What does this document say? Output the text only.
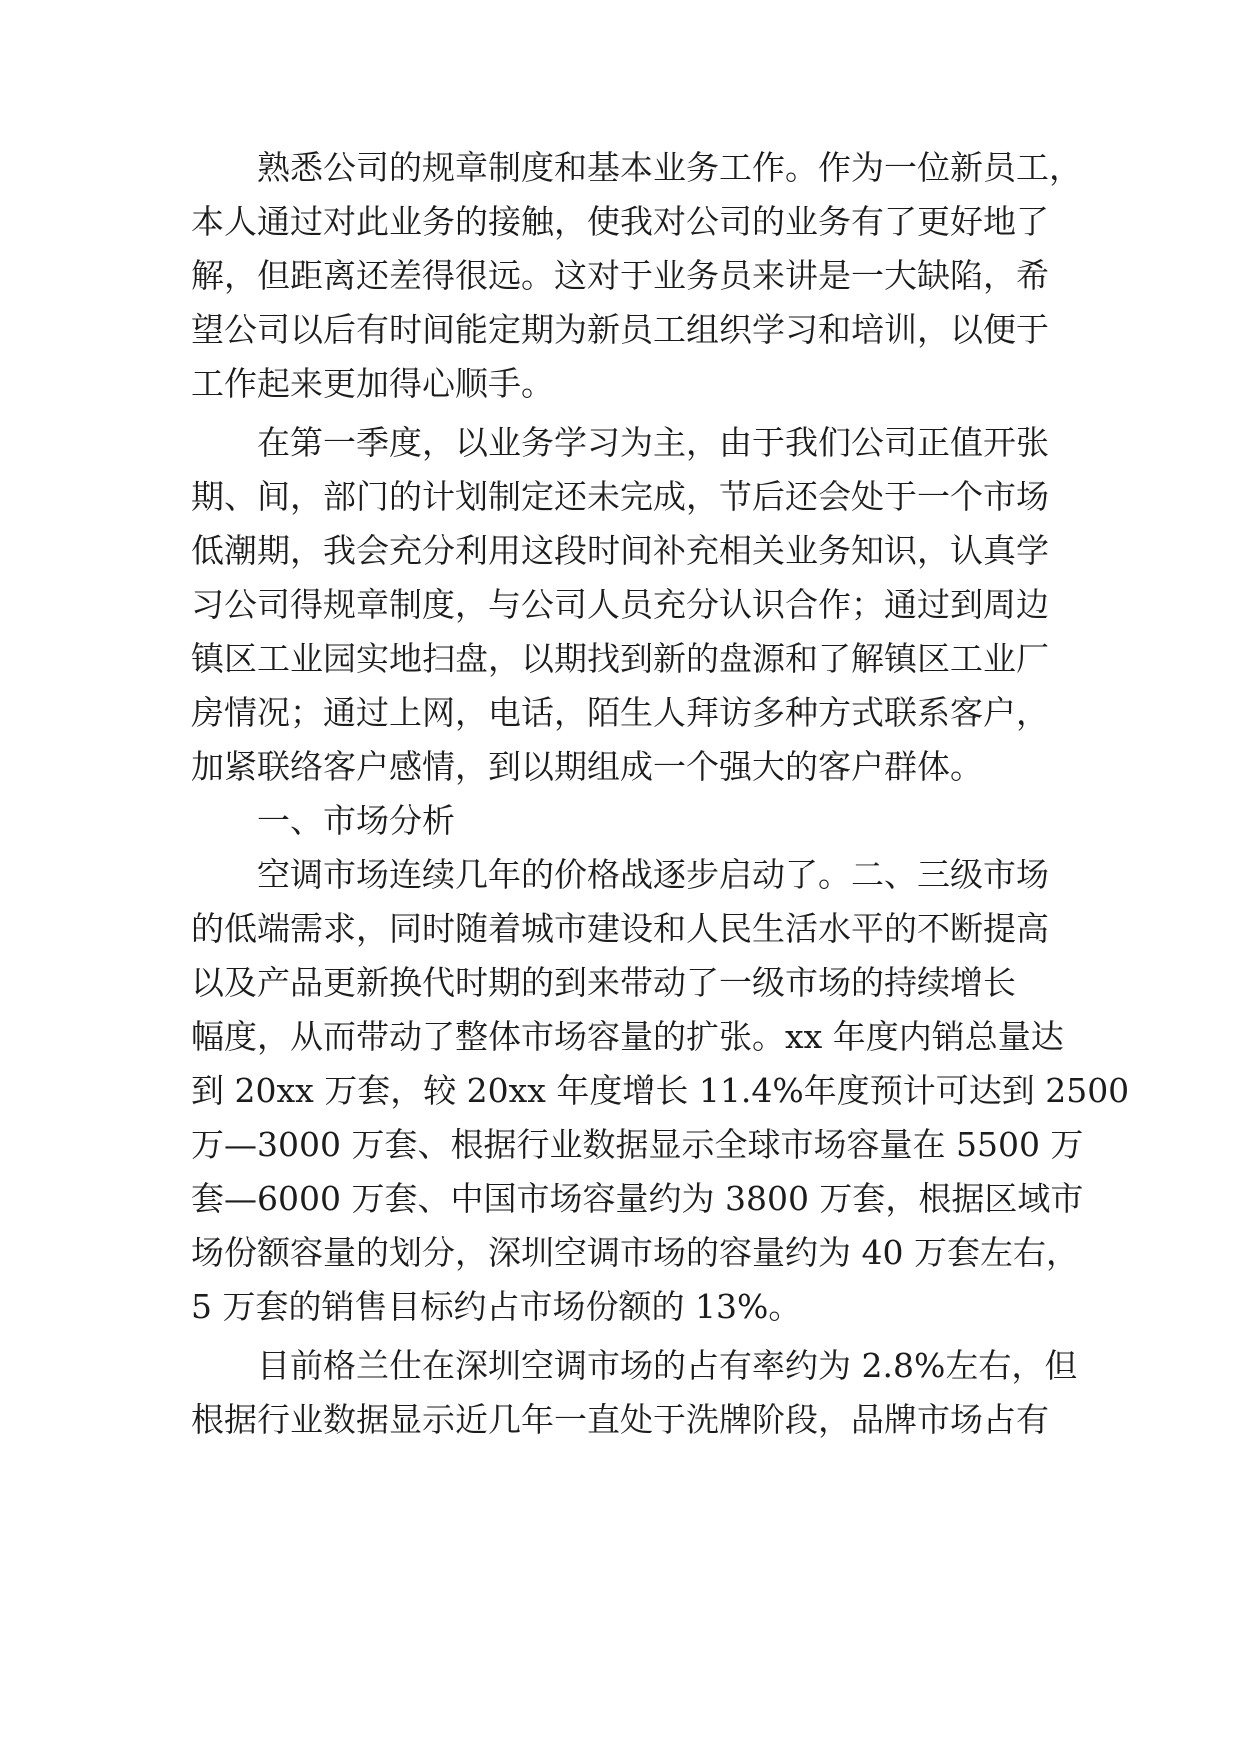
熟悉公司的规章制度和基本业务工作。作为一位新员工，
本人通过对此业务的接触，使我对公司的业务有了更好地了
解，但距离还差得很远。这对于业务员来讲是一大缺陷，希
望公司以后有时间能定期为新员工组织学习和培训，以便于
工作起来更加得心顺手。
在第一季度，以业务学习为主，由于我们公司正值开张
期、间，部门的计划制定还未完成，节后还会处于一个市场
低潮期，我会充分利用这段时间补充相关业务知识，认真学
习公司得规章制度，与公司人员充分认识合作；通过到周边
镇区工业园实地扫盘，以期找到新的盘源和了解镇区工业厂
房情况；通过上网，电话，陌生人拜访多种方式联系客户，
加紧联络客户感情，到以期组成一个强大的客户群体。
一、市场分析
空调市场连续几年的价格战逐步启动了。二、三级市场
的低端需求，同时随着城市建设和人民生活水平的不断提高
以及产品更新换代时期的到来带动了一级市场的持续增长
幅度，从而带动了整体市场容量的扩张。xx 年度内销总量达
到 20xx 万套，较 20xx 年度增长 11.4%年度预计可达到 2500
万—3000 万套、根据行业数据显示全球市场容量在 5500 万
套—6000 万套、中国市场容量约为 3800 万套，根据区域市
场份额容量的划分，深圳空调市场的容量约为 40 万套左右，
5 万套的销售目标约占市场份额的 13%。
目前格兰仕在深圳空调市场的占有率约为 2.8%左右，但
根据行业数据显示近几年一直处于洗牌阶段，品牌市场占有
